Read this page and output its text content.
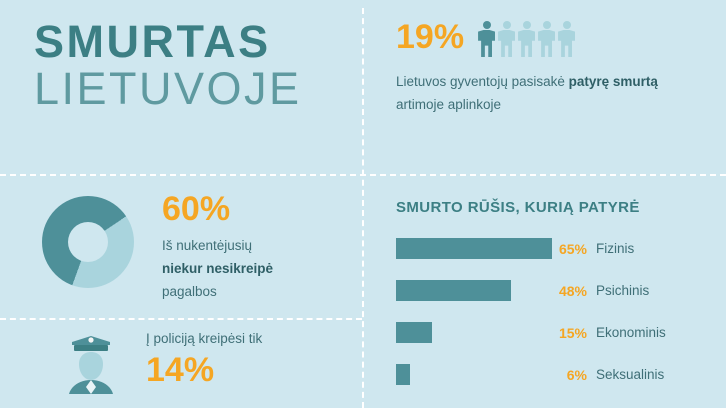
SMURTAS
LIETUVOJE
19%
Lietuvos gyventojų pasisakė patyrę smurtą artimoje aplinkoje
60%
Iš nukentėjusių
niekur nesikreipė
pagalbos
Į policiją kreipėsi tik
14%
SMURTO RŪŠIS, KURIĄ PATYRĖ
65% Fizinis
48% Psichinis
15% Ekonominis
6% Seksualinis
